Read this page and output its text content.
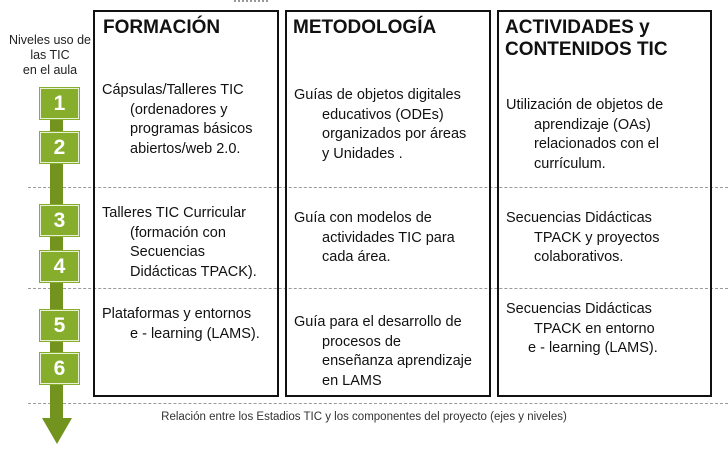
Niveles uso de
las TIC
en el aula
1
2
3
4
5
6
FORMACIÓN
Cápsulas/Talleres TIC
(ordenadores y
programas básicos
abiertos/web 2.0.
Talleres TIC Curricular
(formación con
Secuencias
Didácticas TPACK).
Plataformas y entornos
e - learning (LAMS).
METODOLOGÍA
Guías de objetos digitales
educativos (ODEs)
organizados por áreas
y Unidades .
Guía con modelos de
actividades TIC para
cada área.
Guía para el desarrollo de
procesos de
enseñanza aprendizaje
en LAMS
ACTIVIDADES y
CONTENIDOS TIC
Utilización de objetos de
aprendizaje (OAs)
relacionados con el
currículum.
Secuencias Didácticas
TPACK y proyectos
colaborativos.
Secuencias Didácticas
TPACK en entorno
e - learning (LAMS).
Relación entre los Estadios TIC y los componentes del proyecto (ejes y niveles)
